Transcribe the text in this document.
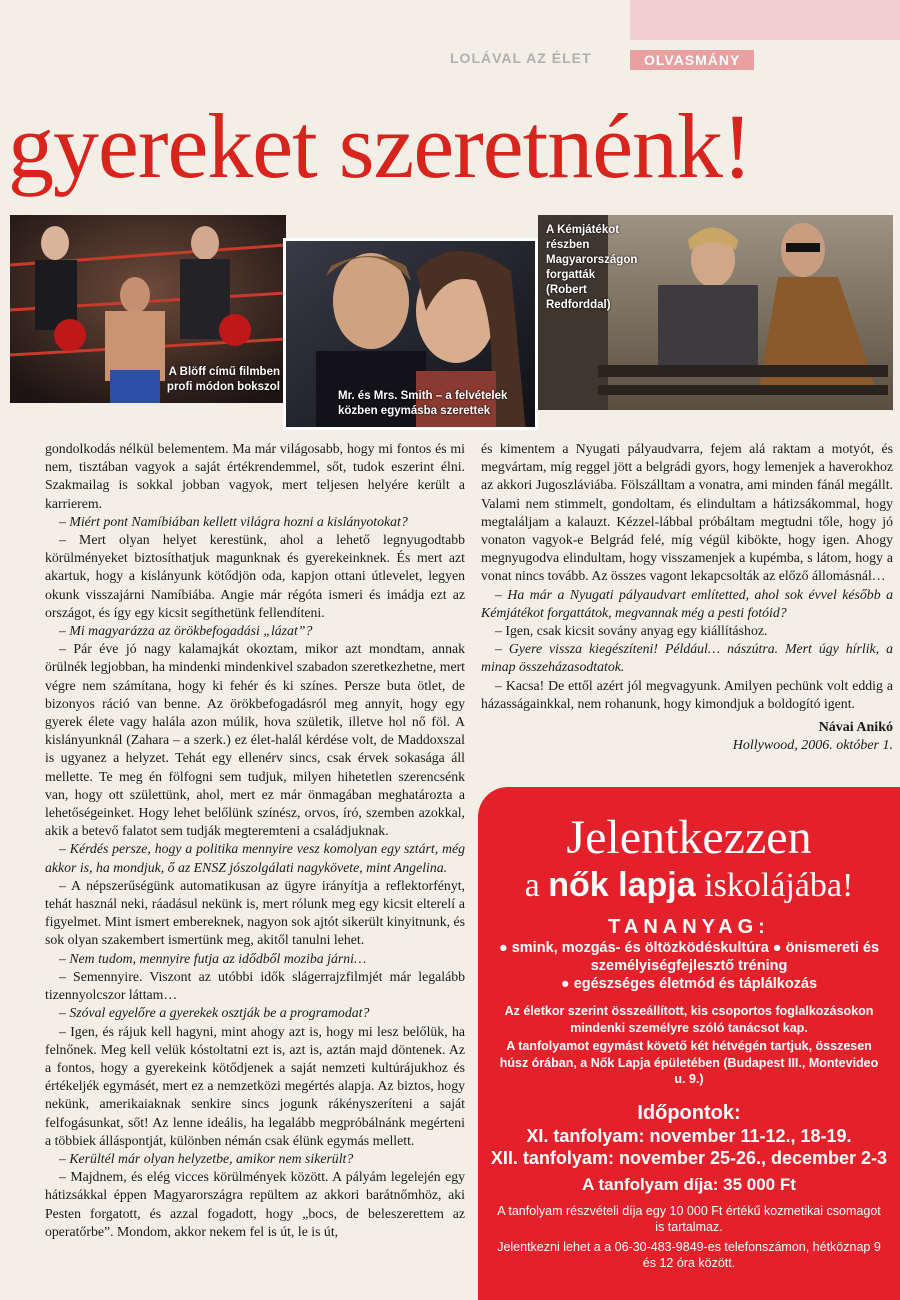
LOLÁVAL AZ ÉLET	OLVASMÁNY
gyereket szeretnénk!
A Blöff című filmben profi módon bokszol
Mr. és Mrs. Smith – a felvételek közben egymásba szerettek
A Kémjátékot részben Magyarországon forgatták (Robert Redforddal)

gondolkodás nélkül belementem. Ma már világosabb, hogy mi fontos és mi nem, tisztában vagyok a saját értékrendemmel, sőt, tudok eszerint élni. Szakmailag is sokkal jobban vagyok, mert teljesen helyére került a karrierem.

– Miért pont Namíbiában kellett világra hozni a kislányotokat?

– Mert olyan helyet kerestünk, ahol a lehető legnyugodtabb körülményeket biztosíthatjuk magunknak és gyerekeinknek. És mert azt akartuk, hogy a kislányunk kötődjön oda, kapjon ottani útlevelet, legyen okunk visszajárni Namíbiába. Angie már régóta ismeri és imádja ezt az országot, és így egy kicsit segíthetünk fellendíteni.

– Mi magyarázza az örökbefogadási „lázat”?

– Pár éve jó nagy kalamajkát okoztam, mikor azt mondtam, annak örülnék legjobban, ha mindenki mindenkivel szabadon szeretkezhetne, mert végre nem számítana, hogy ki fehér és ki színes. Persze buta ötlet, de bizonyos ráció van benne. Az örökbefogadásról meg annyit, hogy egy gyerek élete vagy halála azon múlik, hova születik, illetve hol nő föl. A kislányunknál (Zahara – a szerk.) ez élet-halál kérdése volt, de Maddoxszal is ugyanez a helyzet. Tehát egy ellenérv sincs, csak érvek sokasága áll mellette. Te meg én fölfogni sem tudjuk, milyen hihetetlen szerencsénk van, hogy ott születtünk, ahol, mert ez már önmagában meghatározta a lehetőségeinket. Hogy lehet belőlünk színész, orvos, író, szemben azokkal, akik a betevő falatot sem tudják megteremteni a családjuknak.

– Kérdés persze, hogy a politika mennyire vesz komolyan egy sztárt, még akkor is, ha mondjuk, ő az ENSZ jószolgálati nagykövete, mint Angelina.

– A népszerűségünk automatikusan az ügyre irányítja a reflektorfényt, tehát használ neki, ráadásul nekünk is, mert rólunk meg egy kicsit elterelí a figyelmet. Mint ismert embereknek, nagyon sok ajtót sikerült kinyitnunk, és sok olyan szakembert ismertünk meg, akitől tanulni lehet.

– Nem tudom, mennyire futja az idődből moziba járni…

– Semennyire. Viszont az utóbbi idők slágerrajzfilmjét már legalább tizennyolcszor láttam…

– Szóval egyelőre a gyerekek osztják be a programodat?

– Igen, és rájuk kell hagyni, mint ahogy azt is, hogy mi lesz belőlük, ha felnőnek. Meg kell velük kóstoltatni ezt is, azt is, aztán majd döntenek. Az a fontos, hogy a gyerekeink kötődjenek a saját nemzeti kultúrájukhoz és értékeljék egymásét, mert ez a nemzetközi megértés alapja. Az biztos, hogy nekünk, amerikaiaknak senkire sincs jogunk rákényszeríteni a saját felfogásunkat, sőt! Az lenne ideális, ha legalább megpróbálnánk megérteni a többiek álláspontját, különben némán csak élünk egymás mellett.

– Kerültél már olyan helyzetbe, amikor nem sikerült?

– Majdnem, és elég vicces körülmények között. A pályám legelején egy hátizsákkal éppen Magyarországra repültem az akkori barátnőmhöz, aki Pesten forgatott, és azzal fogadott, hogy „bocs, de beleszerettem az operatőrbe”. Mondom, akkor nekem fel is út, le is út,

és kimentem a Nyugati pályaudvarra, fejem alá raktam a motyót, és megvártam, míg reggel jött a belgrádi gyors, hogy lemenjek a haverokhoz az akkori Jugoszláviába. Fölszálltam a vonatra, ami minden fánál megállt. Valami nem stimmelt, gondoltam, és elindultam a hátizsákommal, hogy megtaláljam a kalauzt. Kézzel-lábbal próbáltam megtudni tőle, hogy jó vonaton vagyok-e Belgrád felé, míg végül kibökte, hogy igen. Ahogy megnyugodva elindultam, hogy visszamenjek a kupémba, s látom, hogy a vonat nincs tovább. Az összes vagont lekapcsolták az előző állomásnál…

– Ha már a Nyugati pályaudvart említetted, ahol sok évvel később a Kémjátékot forgattátok, megvannak még a pesti fotóid?

– Igen, csak kicsit sovány anyag egy kiállításhoz.

– Gyere vissza kiegészíteni! Például… nászútra. Mert úgy hírlik, a minap összeházasodtatok.

– Kacsa! De ettől azért jól megvagyunk. Amilyen pechünk volt eddig a házasságainkkal, nem rohanunk, hogy kimondjuk a boldogító igent.

Návai Anikó
Hollywood, 2006. október 1.
Jelentkezzen
a nők lapja iskolájába!
TANANYAG:
● smink, mozgás- és öltözködéskultúra ● önismereti és személyiségfejlesztő tréning
● egészséges életmód és táplálkozás
Az életkor szerint összeállított, kis csoportos foglalkozásokon mindenki személyre szóló tanácsot kap.
A tanfolyamot egymást követő két hétvégén tartjuk, összesen húsz órában, a Nők Lapja épületében (Budapest III., Montevideo u. 9.)
Időpontok:
XI. tanfolyam: november 11-12., 18-19.
XII. tanfolyam: november 25-26., december 2-3
A tanfolyam díja: 35 000 Ft
A tanfolyam részvételi díja egy 10 000 Ft értékű kozmetikai csomagot is tartalmaz.
Jelentkezni lehet a a 06-30-483-9849-es telefonszámon, hétköznap 9 és 12 óra között.
